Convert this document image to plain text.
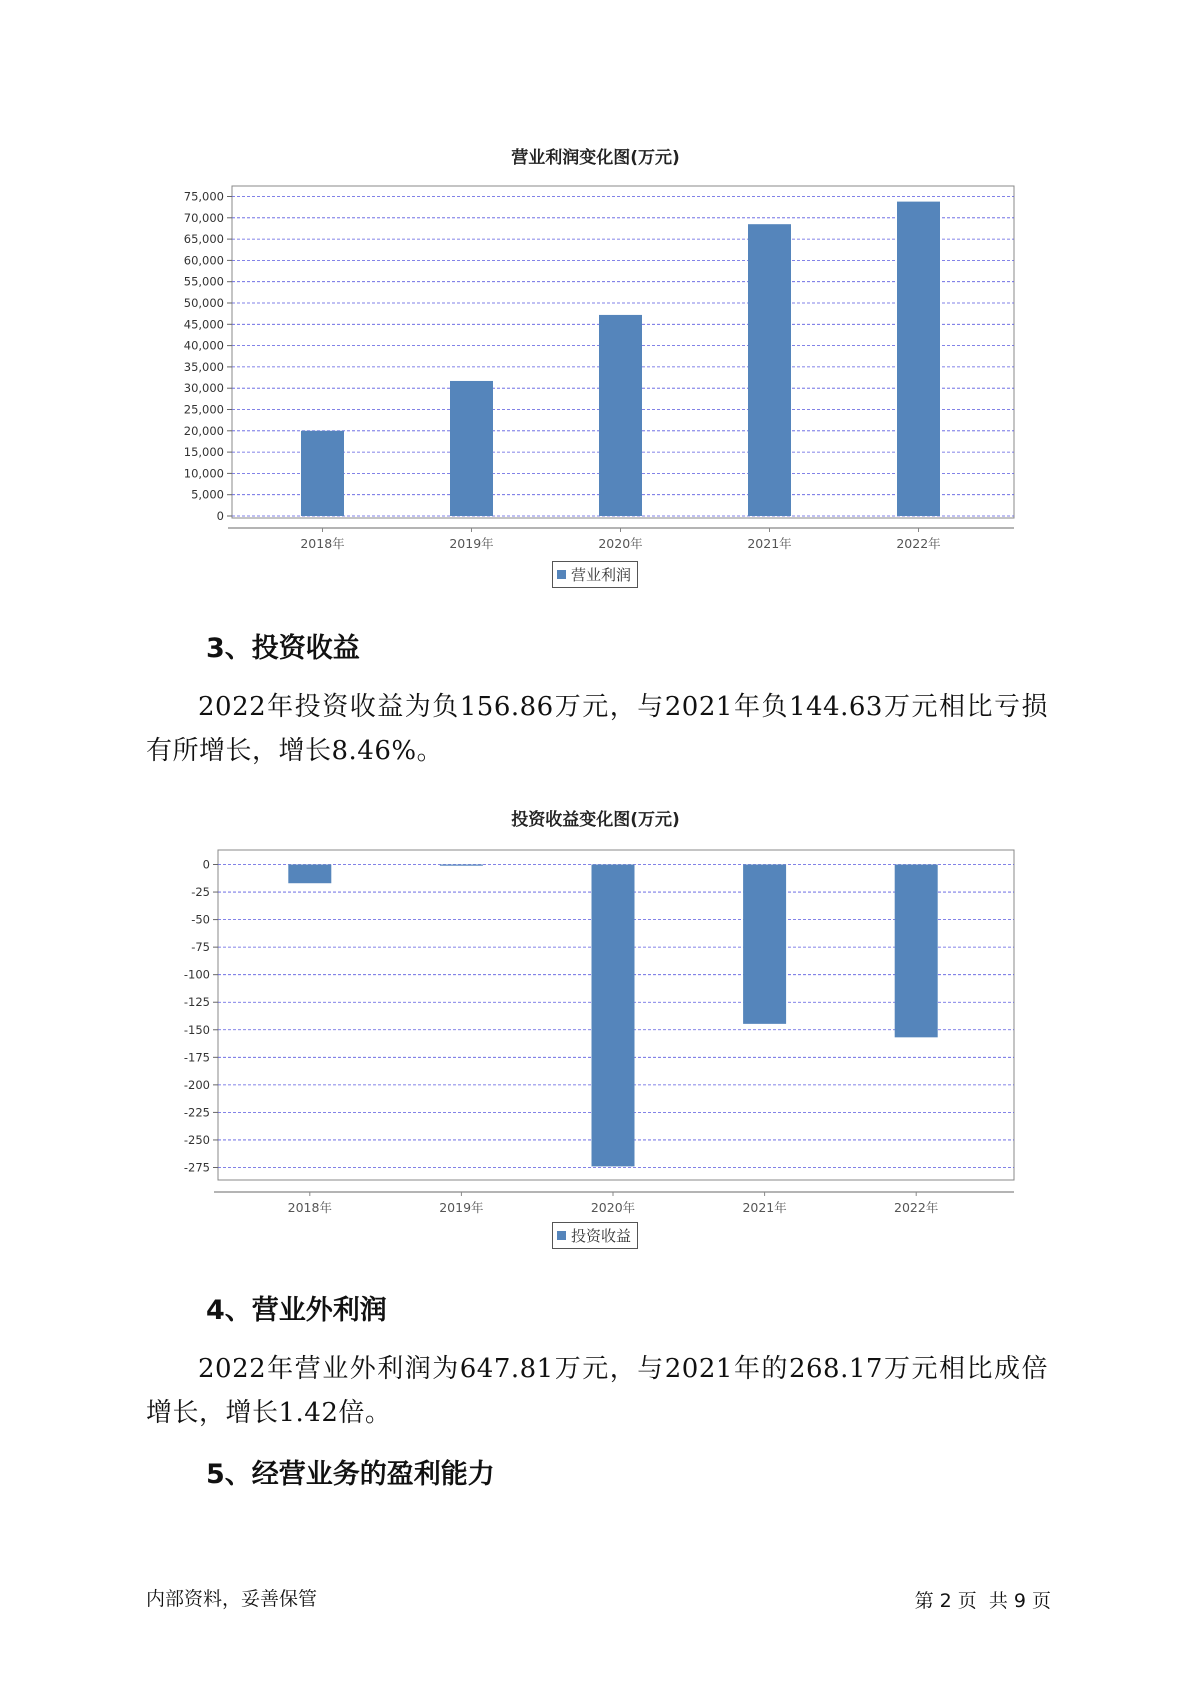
营业利润变化图(万元)
0
5,000
10,000
15,000
20,000
25,000
30,000
35,000
40,000
45,000
50,000
55,000
60,000
65,000
70,000
75,000
2018年	2019年	2020年	2021年	2022年
营业利润
3、投资收益
2022年投资收益为负156.86万元，与2021年负144.63万元相比亏损有所增长，增长8.46%。
投资收益变化图(万元)
0
-25
-50
-75
-100
-125
-150
-175
-200
-225
-250
-275
2018年	2019年	2020年	2021年	2022年
投资收益
4、营业外利润
2022年营业外利润为647.81万元，与2021年的268.17万元相比成倍增长，增长1.42倍。
5、经营业务的盈利能力
内部资料，妥善保管	第 2 页  共 9 页
